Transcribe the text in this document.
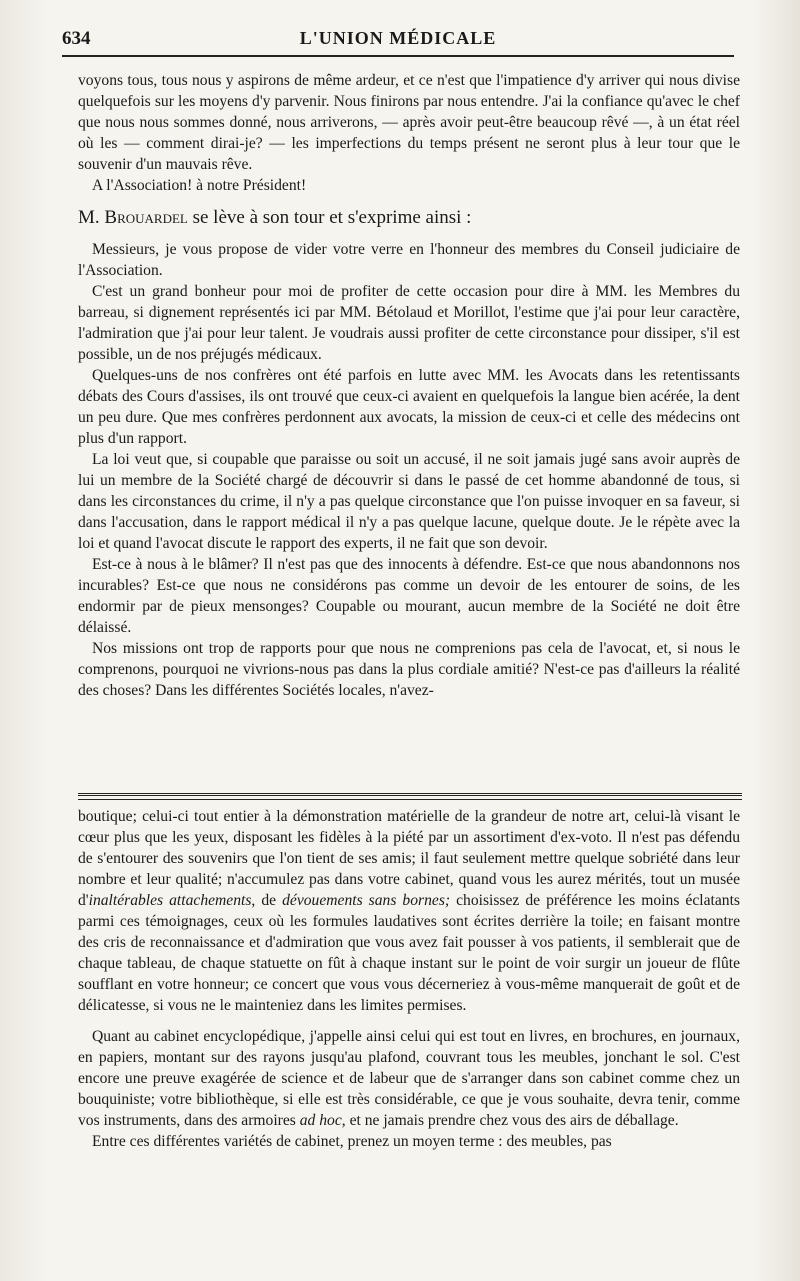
634	L'UNION MÉDICALE

voyons tous, tous nous y aspirons de même ardeur, et ce n'est que l'impatience d'y arriver qui nous divise quelquefois sur les moyens d'y parvenir. Nous finirons par nous entendre. J'ai la confiance qu'avec le chef que nous nous sommes donné, nous arriverons, — après avoir peut-être beaucoup rêvé —, à un état réel où les — comment dirai-je? — les imperfections du temps présent ne seront plus à leur tour que le souvenir d'un mauvais rêve.

A l'Association! à notre Président!

M. Brouardel se lève à son tour et s'exprime ainsi :

Messieurs, je vous propose de vider votre verre en l'honneur des membres du Conseil judiciaire de l'Association.

C'est un grand bonheur pour moi de profiter de cette occasion pour dire à MM. les Membres du barreau, si dignement représentés ici par MM. Bétolaud et Morillot, l'estime que j'ai pour leur caractère, l'admiration que j'ai pour leur talent. Je voudrais aussi profiter de cette circonstance pour dissiper, s'il est possible, un de nos préjugés médicaux.

Quelques-uns de nos confrères ont été parfois en lutte avec MM. les Avocats dans les retentissants débats des Cours d'assises, ils ont trouvé que ceux-ci avaient en quelquefois la langue bien acérée, la dent un peu dure. Que mes confrères perdonnent aux avocats, la mission de ceux-ci et celle des médecins ont plus d'un rapport.

La loi veut que, si coupable que paraisse ou soit un accusé, il ne soit jamais jugé sans avoir auprès de lui un membre de la Société chargé de découvrir si dans le passé de cet homme abandonné de tous, si dans les circonstances du crime, il n'y a pas quelque circonstance que l'on puisse invoquer en sa faveur, si dans l'accusation, dans le rapport médical il n'y a pas quelque lacune, quelque doute. Je le répète avec la loi et quand l'avocat discute le rapport des experts, il ne fait que son devoir.

Est-ce à nous à le blâmer? Il n'est pas que des innocents à défendre. Est-ce que nous abandonnons nos incurables? Est-ce que nous ne considérons pas comme un devoir de les entourer de soins, de les endormir par de pieux mensonges? Coupable ou mourant, aucun membre de la Société ne doit être délaissé.

Nos missions ont trop de rapports pour que nous ne comprenions pas cela de l'avocat, et, si nous le comprenons, pourquoi ne vivrions-nous pas dans la plus cordiale amitié? N'est-ce pas d'ailleurs la réalité des choses? Dans les différentes Sociétés locales, n'avez-

boutique; celui-ci tout entier à la démonstration matérielle de la grandeur de notre art, celui-là visant le cœur plus que les yeux, disposant les fidèles à la piété par un assortiment d'ex-voto. Il n'est pas défendu de s'entourer des souvenirs que l'on tient de ses amis; il faut seulement mettre quelque sobriété dans leur nombre et leur qualité; n'accumulez pas dans votre cabinet, quand vous les aurez mérités, tout un musée d'inaltérables attachements, de dévouements sans bornes; choisissez de préférence les moins éclatants parmi ces témoignages, ceux où les formules laudatives sont écrites derrière la toile; en faisant montre des cris de reconnaissance et d'admiration que vous avez fait pousser à vos patients, il semblerait que de chaque tableau, de chaque statuette on fût à chaque instant sur le point de voir surgir un joueur de flûte soufflant en votre honneur; ce concert que vous vous décerneriez à vous-même manquerait de goût et de délicatesse, si vous ne le mainteniez dans les limites permises.

Quant au cabinet encyclopédique, j'appelle ainsi celui qui est tout en livres, en brochures, en journaux, en papiers, montant sur des rayons jusqu'au plafond, couvrant tous les meubles, jonchant le sol. C'est encore une preuve exagérée de science et de labeur que de s'arranger dans son cabinet comme chez un bouquiniste; votre bibliothèque, si elle est très considérable, ce que je vous souhaite, devra tenir, comme vos instruments, dans des armoires ad hoc, et ne jamais prendre chez vous des airs de déballage.

Entre ces différentes variétés de cabinet, prenez un moyen terme : des meubles, pas
